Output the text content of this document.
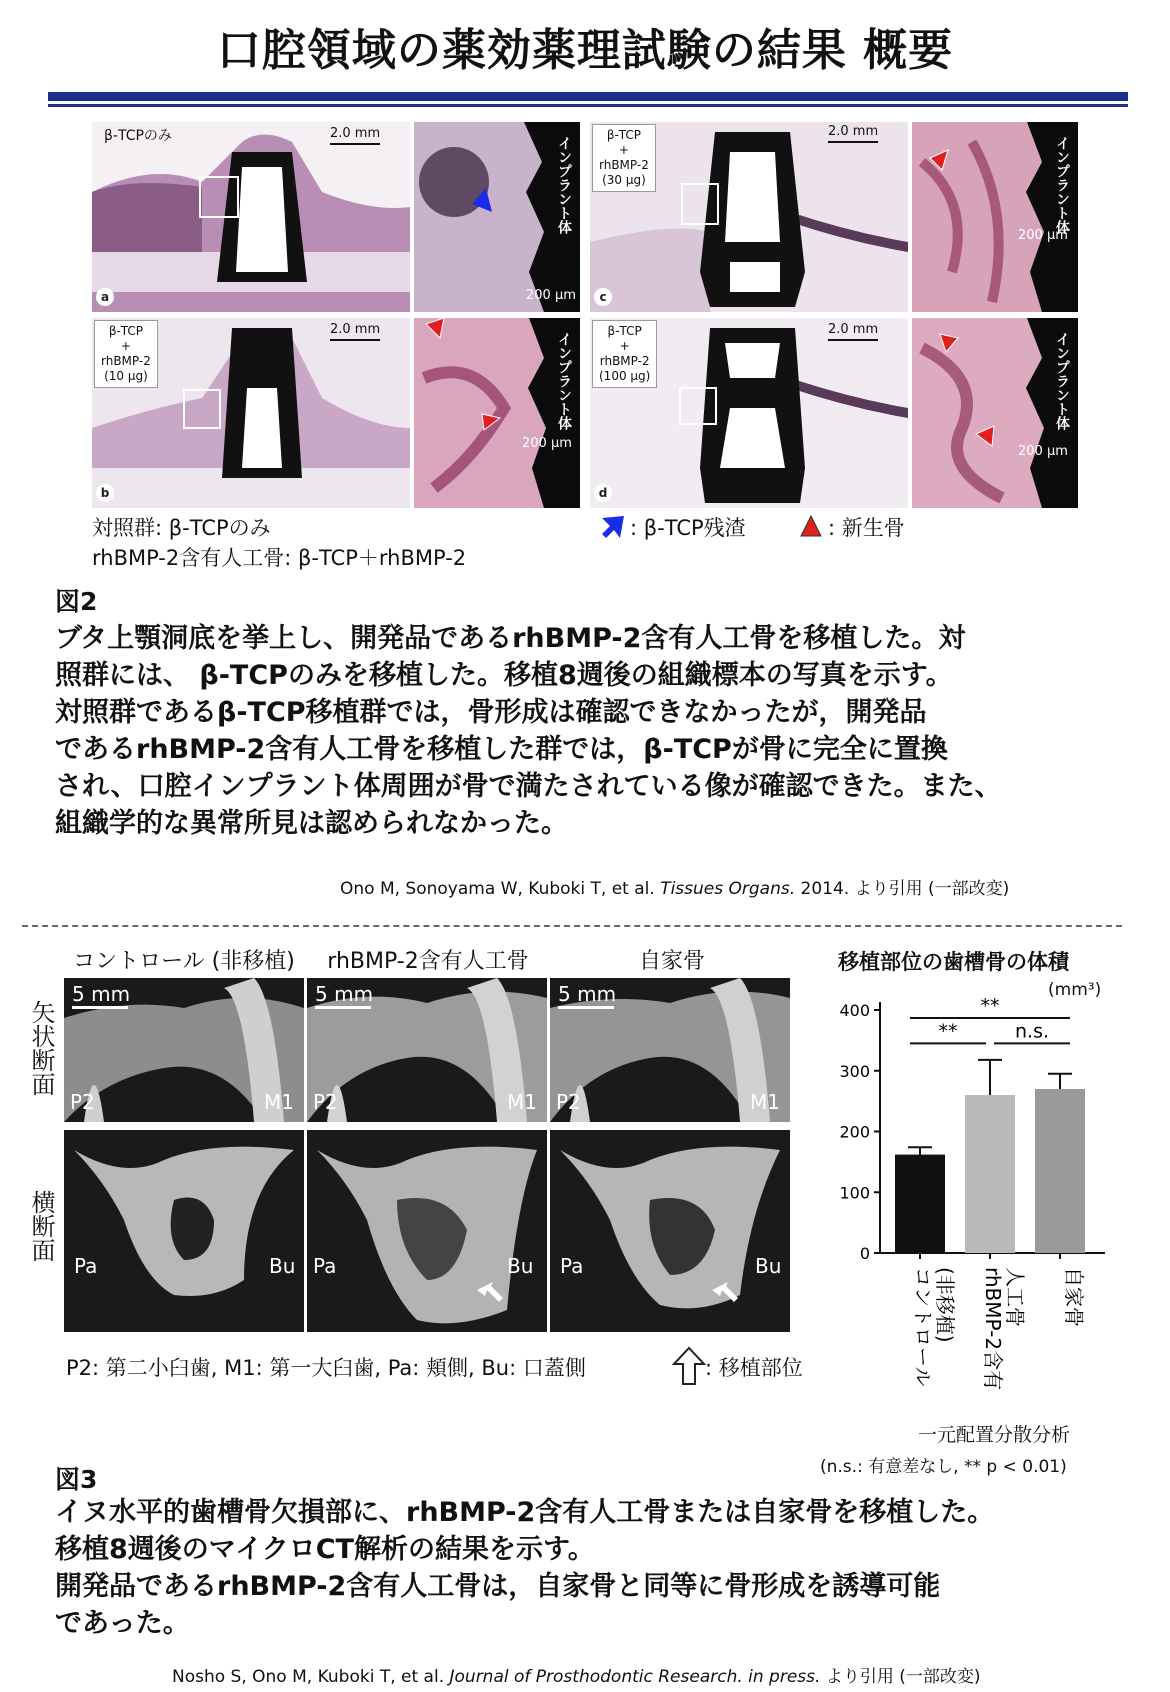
口腔領域の薬効薬理試験の結果 概要
β-TCPのみ	2.0 mm
a
インプラント体
200 μm
β-TCP
+
rhBMP-2
(30 μg)
2.0 mm
c
インプラント体
200 μm
β-TCP
+
rhBMP-2
(10 μg)
2.0 mm
b
インプラント体
200 μm
β-TCP
+
rhBMP-2
(100 μg)
2.0 mm
d
インプラント体
200 μm
対照群: β-TCPのみ
rhBMP-2含有人工骨: β-TCP＋rhBMP-2
: β-TCP残渣	: 新生骨
図2
ブタ上顎洞底を挙上し、開発品であるrhBMP-2含有人工骨を移植した。対
照群には、 β-TCPのみを移植した。移植8週後の組織標本の写真を示す。
対照群であるβ-TCP移植群では，骨形成は確認できなかったが，開発品
であるrhBMP-2含有人工骨を移植した群では，β-TCPが骨に完全に置換
され、口腔インプラント体周囲が骨で満たされている像が確認できた。また、
組織学的な異常所見は認められなかった。
Ono M, Sonoyama W, Kuboki T, et al. Tissues Organs. 2014. より引用 (一部改変)
コントロール (非移植)	rhBMP-2含有人工骨	自家骨
矢状断面
横断面
5 mm
P2	M1
5 mm
P2	M1
5 mm
P2	M1
Pa	Bu Pa	Bu Pa	Bu
P2: 第二小臼歯, M1: 第一大臼歯, Pa: 頬側, Bu: 口蓋側	: 移植部位
0
100
200
300
400
コントロール
(非移植) rhBMP-2含有
人工骨 自家骨
**
**	n.s.
移植部位の歯槽骨の体積
(mm³)
一元配置分散分析
(n.s.: 有意差なし, ** p < 0.01)
図3
イヌ水平的歯槽骨欠損部に、rhBMP-2含有人工骨または自家骨を移植した。
移植8週後のマイクロCT解析の結果を示す。
開発品であるrhBMP-2含有人工骨は，自家骨と同等に骨形成を誘導可能
であった。
Nosho S, Ono M, Kuboki T, et al. Journal of Prosthodontic Research. in press. より引用 (一部改変)
